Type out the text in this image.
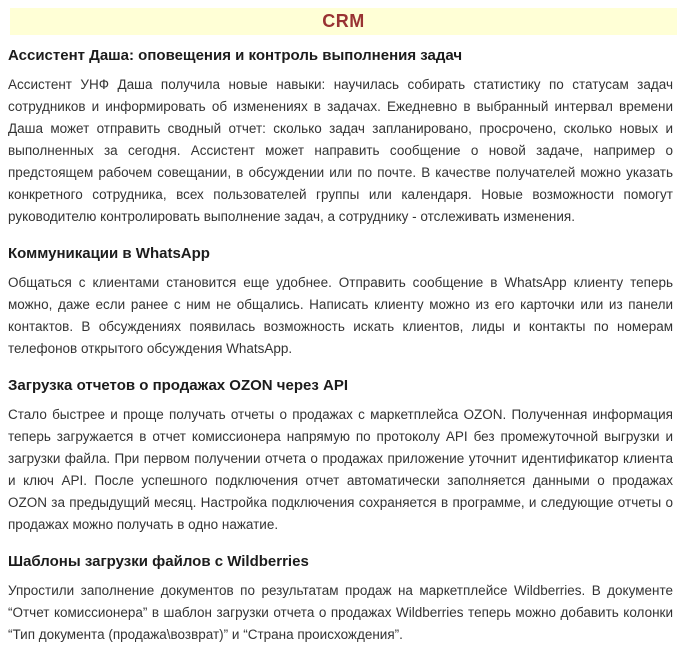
CRM
Ассистент Даша: оповещения и контроль выполнения задач

Ассистент УНФ Даша получила новые навыки: научилась собирать статистику по статусам задач сотрудников и информировать об изменениях в задачах. Ежедневно в выбранный интервал времени Даша может отправить сводный отчет: сколько задач запланировано, просрочено, сколько новых и выполненных за сегодня. Ассистент может направить сообщение о новой задаче, например о предстоящем рабочем совещании, в обсуждении или по почте. В качестве получателей можно указать конкретного сотрудника, всех пользователей группы или календаря. Новые возможности помогут руководителю контролировать выполнение задач, а сотруднику - отслеживать изменения.

Коммуникации в WhatsApp

Общаться с клиентами становится еще удобнее. Отправить сообщение в WhatsApp клиенту теперь можно, даже если ранее с ним не общались. Написать клиенту можно из его карточки или из панели контактов. В обсуждениях появилась возможность искать клиентов, лиды и контакты по номерам телефонов открытого обсуждения WhatsApp.

Загрузка отчетов о продажах OZON через API

Стало быстрее и проще получать отчеты о продажах с маркетплейса OZON. Полученная информация теперь загружается в отчет комиссионера напрямую по протоколу API без промежуточной выгрузки и загрузки файла. При первом получении отчета о продажах приложение уточнит идентификатор клиента и ключ API. После успешного подключения отчет автоматически заполняется данными о продажах OZON за предыдущий месяц. Настройка подключения сохраняется в программе, и следующие отчеты о продажах можно получать в одно нажатие.

Шаблоны загрузки файлов с Wildberries

Упростили заполнение документов по результатам продаж на маркетплейсе Wildberries. В документе “Отчет комиссионера” в шаблон загрузки отчета о продажах Wildberries теперь можно добавить колонки “Тип документа (продажа\возврат)” и “Страна происхождения”.
